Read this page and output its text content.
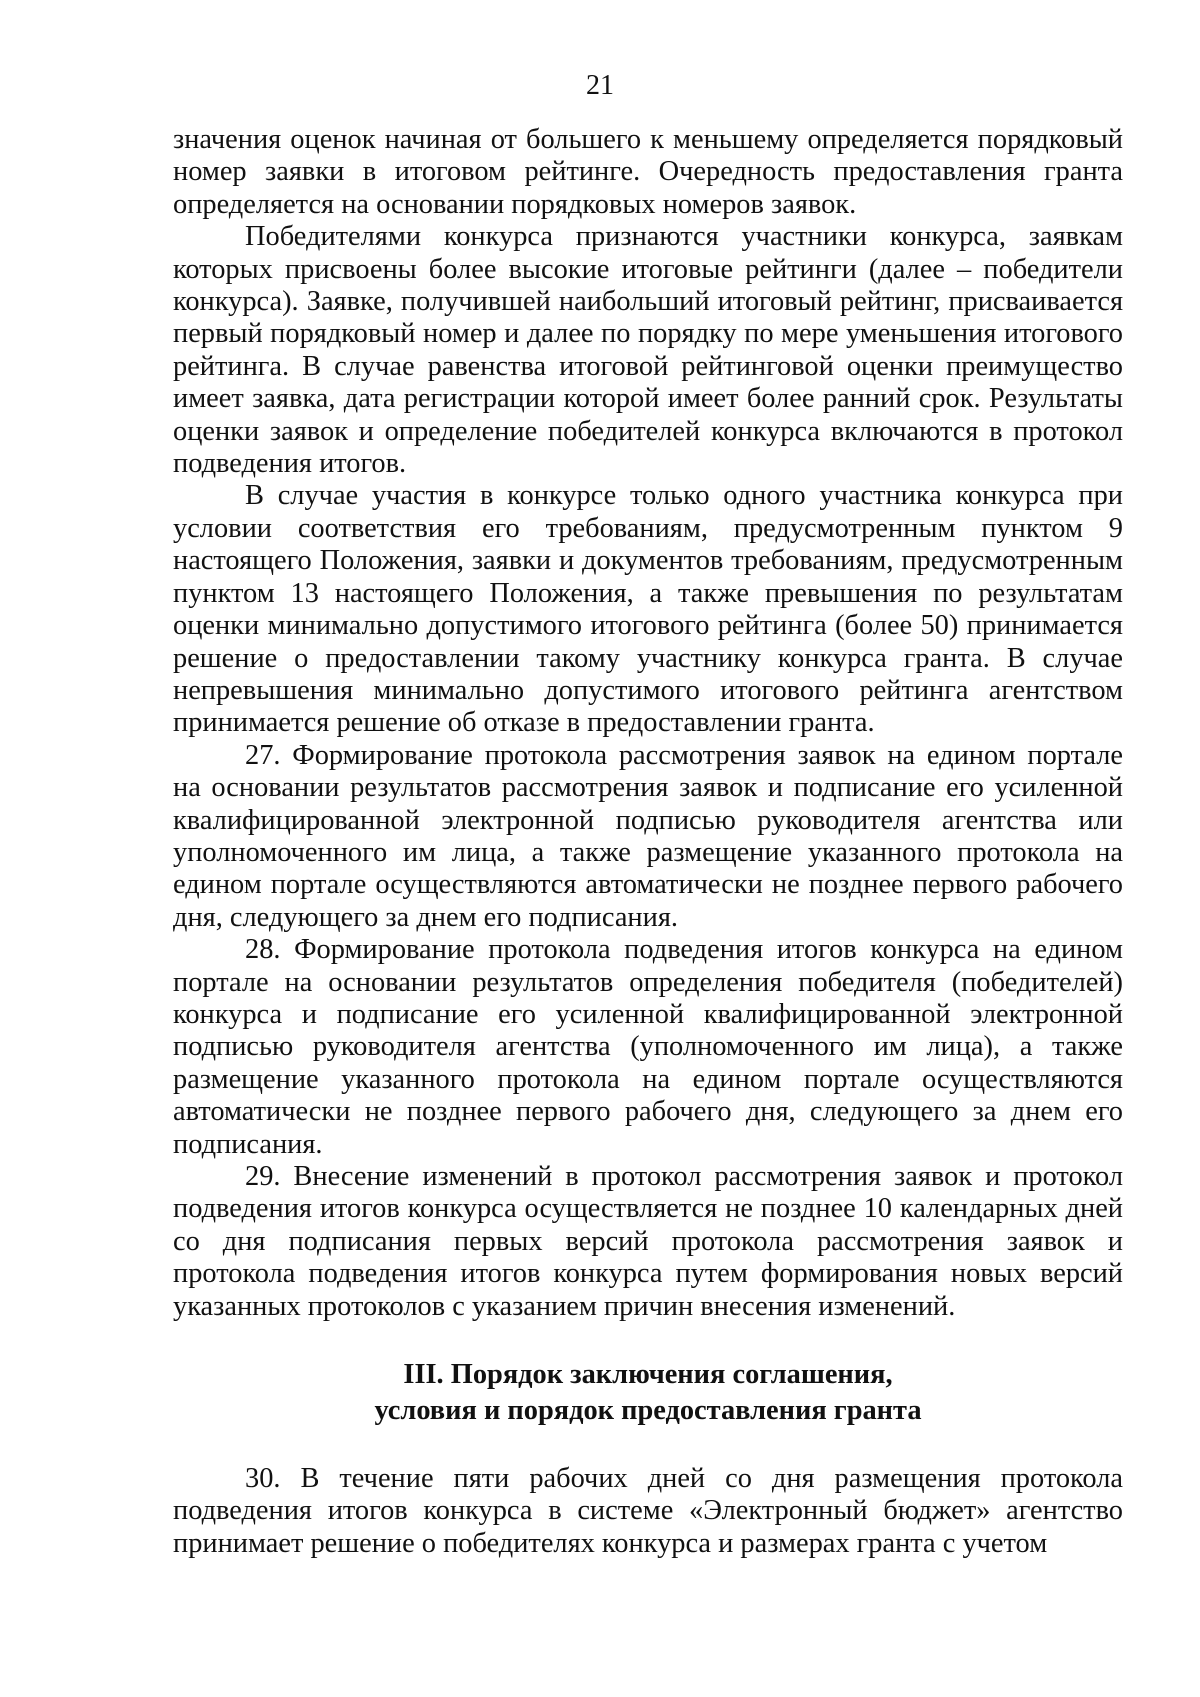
21

значения оценок начиная от большего к меньшему определяется порядковый номер заявки в итоговом рейтинге. Очередность предоставления гранта определяется на основании порядковых номеров заявок.

Победителями конкурса признаются участники конкурса, заявкам которых присвоены более высокие итоговые рейтинги (далее – победители конкурса). Заявке, получившей наибольший итоговый рейтинг, присваивается первый порядковый номер и далее по порядку по мере уменьшения итогового рейтинга. В случае равенства итоговой рейтинговой оценки преимущество имеет заявка, дата регистрации которой имеет более ранний срок. Результаты оценки заявок и определение победителей конкурса включаются в протокол подведения итогов.

В случае участия в конкурсе только одного участника конкурса при условии соответствия его требованиям, предусмотренным пунктом 9 настоящего Положения, заявки и документов требованиям, предусмотренным пунктом 13 настоящего Положения, а также превышения по результатам оценки минимально допустимого итогового рейтинга (более 50) принимается решение о предоставлении такому участнику конкурса гранта. В случае непревышения минимально допустимого итогового рейтинга агентством принимается решение об отказе в предоставлении гранта.

27. Формирование протокола рассмотрения заявок на едином портале на основании результатов рассмотрения заявок и подписание его усиленной квалифицированной электронной подписью руководителя агентства или уполномоченного им лица, а также размещение указанного протокола на едином портале осуществляются автоматически не позднее первого рабочего дня, следующего за днем его подписания.

28. Формирование протокола подведения итогов конкурса на едином портале на основании результатов определения победителя (победителей) конкурса и подписание его усиленной квалифицированной электронной подписью руководителя агентства (уполномоченного им лица), а также размещение указанного протокола на едином портале осуществляются автоматически не позднее первого рабочего дня, следующего за днем его подписания.

29. Внесение изменений в протокол рассмотрения заявок и протокол подведения итогов конкурса осуществляется не позднее 10 календарных дней со дня подписания первых версий протокола рассмотрения заявок и протокола подведения итогов конкурса путем формирования новых версий указанных протоколов с указанием причин внесения изменений.

III. Порядок заключения соглашения,
условия и порядок предоставления гранта

30. В течение пяти рабочих дней со дня размещения протокола подведения итогов конкурса в системе «Электронный бюджет» агентство принимает решение о победителях конкурса и размерах гранта с учетом
